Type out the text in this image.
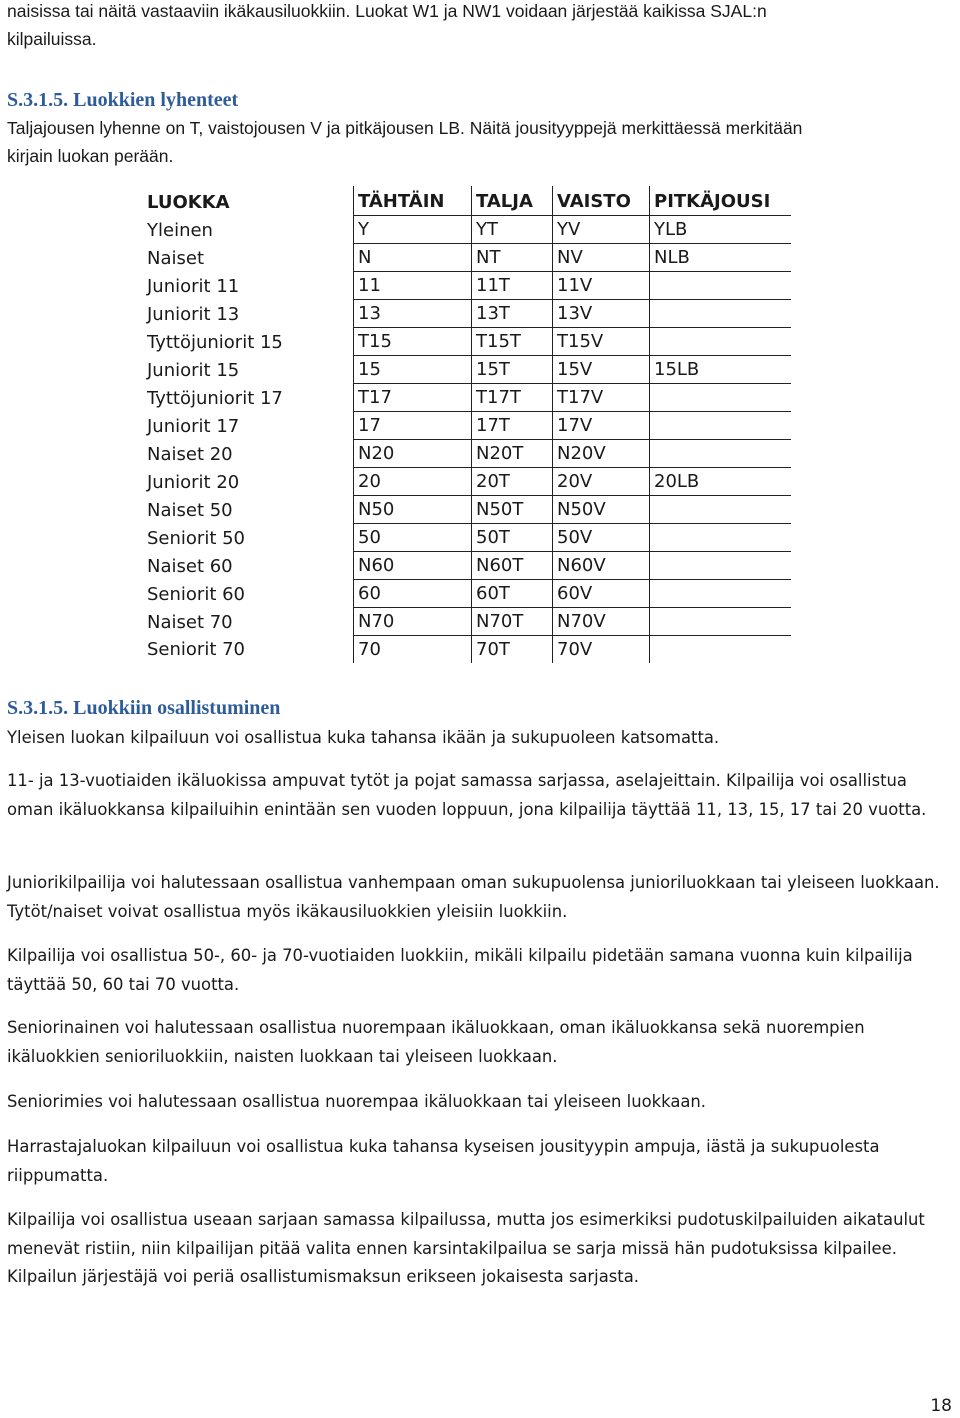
naisissa tai näitä vastaaviin ikäkausiluokkiin. Luokat W1 ja NW1 voidaan järjestää kaikissa SJAL:n

kilpailuissa.

S.3.1.5. Luokkien lyhenteet

Taljajousen lyhenne on T, vaistojousen V ja pitkäjousen LB. Näitä jousityyppejä merkittäessä merkitään

kirjain luokan perään.

LUOKKA	TÄHTÄIN	TALJA	VAISTO	PITKÄJOUSI
Yleinen	Y	YT	YV	YLB
Naiset	N	NT	NV	NLB
Juniorit 11	11	11T	11V	
Juniorit 13	13	13T	13V	
Tyttöjuniorit 15	T15	T15T	T15V	
Juniorit 15	15	15T	15V	15LB
Tyttöjuniorit 17	T17	T17T	T17V	
Juniorit 17	17	17T	17V	
Naiset 20	N20	N20T	N20V	
Juniorit 20	20	20T	20V	20LB
Naiset 50	N50	N50T	N50V	
Seniorit 50	50	50T	50V	
Naiset 60	N60	N60T	N60V	
Seniorit 60	60	60T	60V	
Naiset 70	N70	N70T	N70V	
Seniorit 70	70	70T	70V	

S.3.1.5. Luokkiin osallistuminen

Yleisen luokan kilpailuun voi osallistua kuka tahansa ikään ja sukupuoleen katsomatta.

11- ja 13-vuotiaiden ikäluokissa ampuvat tytöt ja pojat samassa sarjassa, aselajeittain. Kilpailija voi osallistua oman ikäluokkansa kilpailuihin enintään sen vuoden loppuun, jona kilpailija täyttää 11, 13, 15, 17 tai 20 vuotta.

Juniorikilpailija voi halutessaan osallistua vanhempaan oman sukupuolensa junioriluokkaan tai yleiseen luokkaan. Tytöt/naiset voivat osallistua myös ikäkausiluokkien yleisiin luokkiin.

Kilpailija voi osallistua 50-, 60- ja 70-vuotiaiden luokkiin, mikäli kilpailu pidetään samana vuonna kuin kilpailija täyttää 50, 60 tai 70 vuotta.

Seniorinainen voi halutessaan osallistua nuorempaan ikäluokkaan, oman ikäluokkansa sekä nuorempien ikäluokkien senioriluokkiin, naisten luokkaan tai yleiseen luokkaan.

Seniorimies voi halutessaan osallistua nuorempaa ikäluokkaan tai yleiseen luokkaan.

Harrastajaluokan kilpailuun voi osallistua kuka tahansa kyseisen jousityypin ampuja, iästä ja sukupuolesta riippumatta.

Kilpailija voi osallistua useaan sarjaan samassa kilpailussa, mutta jos esimerkiksi pudotuskilpailuiden aikataulut menevät ristiin, niin kilpailijan pitää valita ennen karsintakilpailua se sarja missä hän pudotuksissa kilpailee. Kilpailun järjestäjä voi periä osallistumismaksun erikseen jokaisesta sarjasta.

18
